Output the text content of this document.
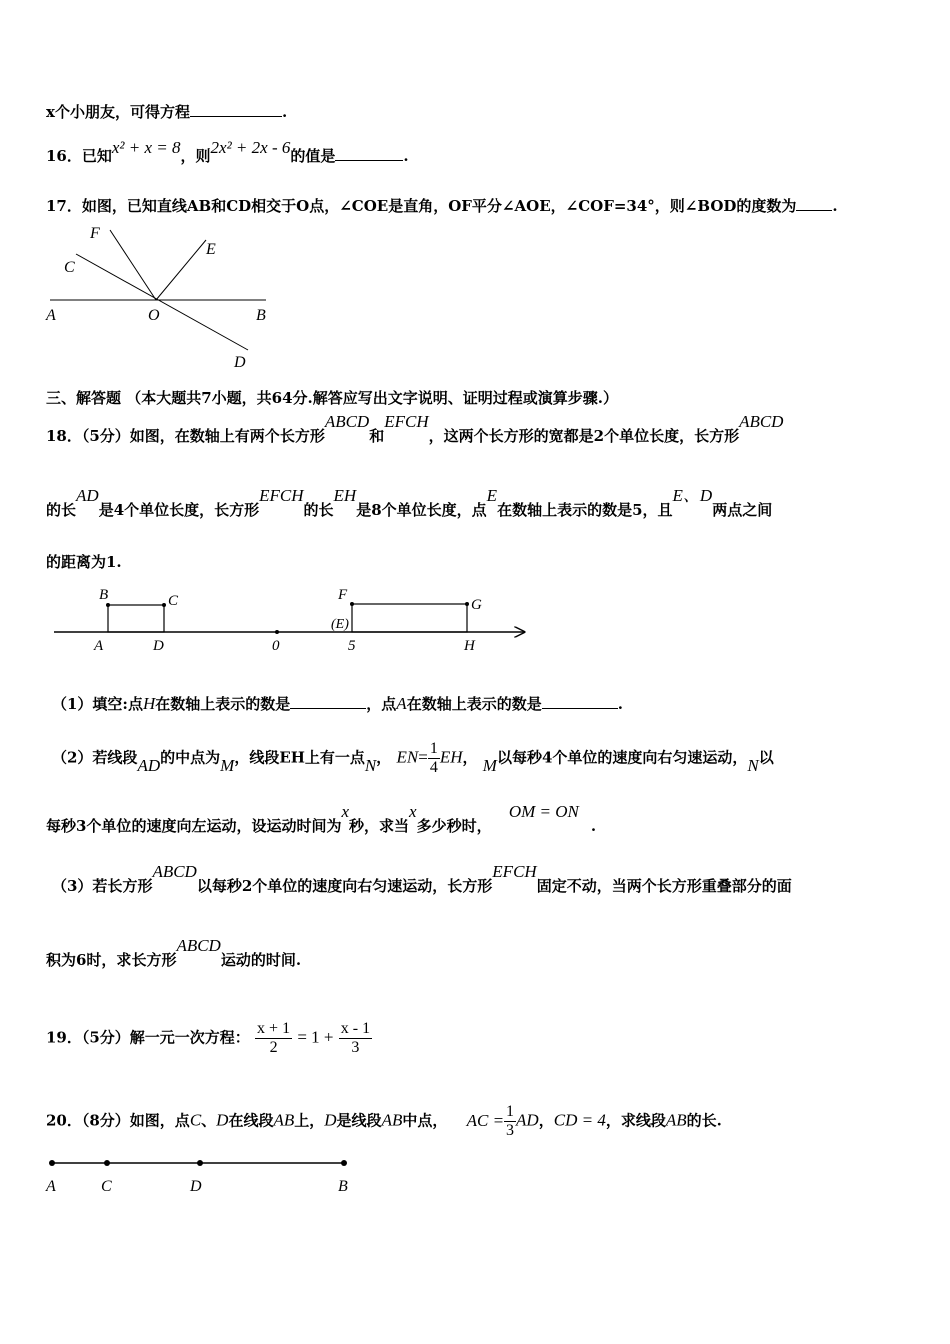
x个小朋友，可得方程	.
16．已知x² + x = 8，则2x² + 2x - 6的值是	.
17．如图，已知直线AB和CD相交于O点，∠COE是直角，OF平分∠AOE，∠COF=34°，则∠BOD的度数为 .
F
E
C
A	O	B
D
三、解答题 （本大题共7小题，共64分.解答应写出文字说明、证明过程或演算步骤.）
18．（5分）如图，在数轴上有两个长方形ABCD和EFCH，这两个长方形的宽都是2个单位长度，长方形ABCD
的长AD是4个单位长度，长方形EFCH的长EH是8个单位长度，点E在数轴上表示的数是5，且E、D两点之间
的距离为1.
B	C	F
G
A	D	0
(E)
5	H
（1）填空:点H在数轴上表示的数是	，点A在数轴上表示的数是	.
（2）若线段AD的中点为M，线段EH上有一点N， $EN= \frac{1}{4}$ EH， M以每秒4个单位的速度向右匀速运动，N以
每秒3个单位的速度向左运动，设运动时间为x秒，求当x多少秒时， OM = ON.
（3）若长方形ABCD以每秒2个单位的速度向右匀速运动，长方形EFCH固定不动，当两个长方形重叠部分的面
积为6时，求长方形ABCD运动的时间.
19．（5分）解一元一次方程： $\frac{x + 1}{2} = 1 + \frac{x - 1}{3}$
20．（8分）如图，点C、D在线段AB上，D是线段AB中点， AC = $\frac{1}{3}$ AD，CD = 4，求线段AB的长.
A	C	D	B
